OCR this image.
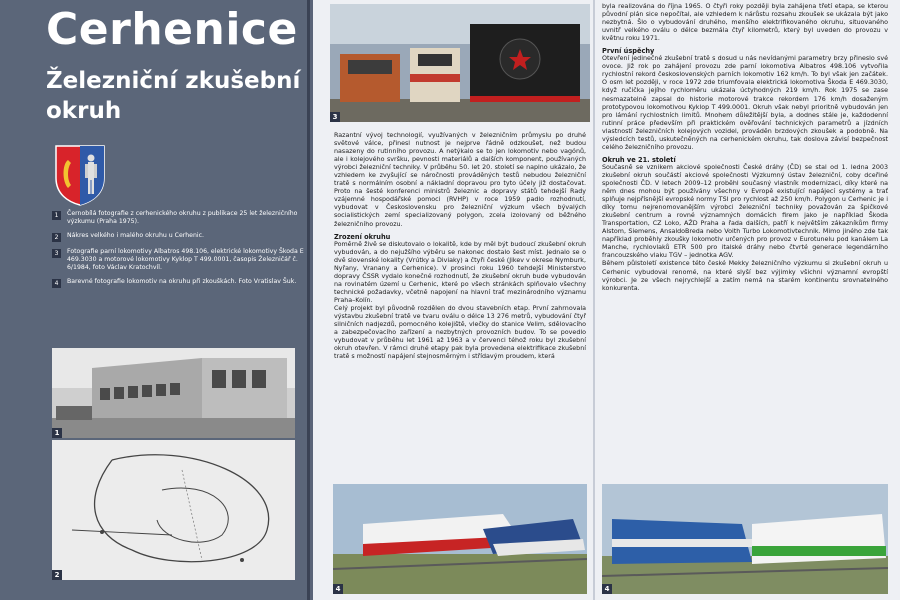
Cerhenice
Železniční zkušební okruh
1	Černobílá fotografie z cerhenického okruhu z publikace 25 let železničního výzkumu (Praha 1975).
2	Nákres velkého i malého okruhu u Cerhenic.
3	Fotografie parní lokomotivy Albatros 498.106, elektrické lokomotivy Škoda E 469.3030 a motorové lokomotivy Kyklop T 499.0001, časopis Železničář č. 6/1984, foto Václav Kratochvíl.
4	Barevné fotografie lokomotiv na okruhu při zkouškách. Foto Vratislav Šuk.
1
2
3

Razantní vývoj technologií, využívaných v železničním průmyslu po druhé světové válce, přinesl nutnost je nejprve řádně odzkoušet, než budou nasazeny do rutinního provozu. A netýkalo se to jen lokomotiv nebo vagónů, ale i kolejového svršku, pevnosti materiálů a dalších komponent, používaných výrobci železniční techniky. V průběhu 50. let 20. století se naplno ukázalo, že vzhledem ke zvyšující se náročnosti prováděných testů nebudou železniční tratě s normálním osobní a nákladní dopravou pro tyto účely již dostačovat. Proto na šesté konferenci ministrů železnic a dopravy států tehdejší Rady vzájemné hospodářské pomoci (RVHP) v roce 1959 padlo rozhodnutí, vybudovat v Československu pro železniční výzkum všech bývalých socialistických zemí specializovaný polygon, zcela izolovaný od běžného železničního provozu.

Zrození okruhu

Poměrně živě se diskutovalo o lokalitě, kde by měl být budoucí zkušební okruh vybudován, a do nejužšího výběru se nakonec dostalo šest míst. Jednalo se o dvě slovenské lokality (Vrútky a Diviaky) a čtyři české (Jikev v okrese Nymburk, Nyřany, Vranany a Cerhenice). V prosinci roku 1960 tehdejší Ministerstvo dopravy ČSSR vydalo konečné rozhodnutí, že zkušební okruh bude vybudován na rovinatém území u Cerhenic, které po všech stránkách splňovalo všechny technické požadavky, včetně napojení na hlavní trať mezinárodního významu Praha–Kolín.

Celý projekt byl původně rozdělen do dvou stavebních etap. První zahrnovala výstavbu zkušební tratě ve tvaru oválu o délce 13 276 metrů, vybudování čtyř silničních nadjezdů, pomocného kolejiště, vlečky do stanice Velim, sdělovacího a zabezpečovacího zařízení a nezbytných provozních budov. To se povedlo vybudovat v průběhu let 1961 až 1963 a v červenci téhož roku byl zkušební okruh otevřen. V rámci druhé etapy pak byla provedena elektrifikace zkušební tratě s možností napájení stejnosměrným i střídavým proudem, která

byla realizována do října 1965. O čtyři roky později byla zahájena třetí etapa, se kterou původní plán sice nepočítal, ale vzhledem k nárůstu rozsahu zkoušek se ukázala být jako nezbytná. Šlo o vybudování druhého, menšího elektrifikovaného okruhu, situovaného uvnitř velkého oválu o délce bezmála čtyř kilometrů, který byl uveden do provozu v květnu roku 1971.

První úspěchy

Otevření jedinečné zkušební tratě s dosud u nás nevídanými parametry brzy přineslo své ovoce. Již rok po zahájení provozu zde parní lokomotiva Albatros 498.106 vytvořila rychlostní rekord československých parních lokomotiv 162 km/h. To byl však jen začátek. O osm let později, v roce 1972 zde triumfovala elektrická lokomotiva Škoda E 469.3030, když ručička jejího rychloměru ukázala úctyhodných 219 km/h. Rok 1975 se zase nesmazatelně zapsal do historie motorové trakce rekordem 176 km/h dosaženým prototypovou lokomotivou Kyklop T 499.0001. Okruh však nebyl prioritně vybudován jen pro lámání rychlostních limitů. Mnohem důležitější byla, a dodnes stále je, každodenní rutinní práce především při praktickém ověřování technických parametrů a jízdních vlastností železničních kolejových vozidel, prováděn brzdových zkoušek a podobně. Na výsledcích testů, uskutečněných na cerhenickém okruhu, tak doslova závisí bezpečnost celého železničního provozu.

Okruh ve 21. století

Současně se vznikem akciové společnosti České dráhy (ČD) se stal od 1. ledna 2003 zkušební okruh součástí akciové společnosti Výzkumný ústav železniční, coby dceřiné společnosti ČD. V letech 2009–12 proběhl současný vlastník modernizaci, díky které na něm dnes mohou být používány všechny v Evropě existující napájecí systémy a trať splňuje nejpřísnější evropské normy TSI pro rychlost až 250 km/h. Polygon u Cerhenic je i díky tomu nejrenomovanějším výrobci železniční techniky považován za špičkové zkušební centrum a rovné významných domácích firem jako je například Škoda Transportation, CZ Loko, AŽD Praha a řada dalších, patří k největším zákazníkům firmy Alstom, Siemens, AnsaldoBreda nebo Voith Turbo Lokomotivtechnik. Mimo jiného zde tak například proběhly zkoušky lokomotiv určených pro provoz v Eurotunelu pod kanálem La Manche, rychlovlaků ETR 500 pro italské dráhy nebo čtvrté generace legendárního francouzského vlaku TGV – jednotka AGV.

Během půlstoletí existence této české Mekky železničního výzkumu si zkušební okruh u Cerhenic vybudoval renomé, na které slyší bez výjimky všichni významní evropští výrobci. Je ze všech nejrychlejší a zatím nemá na starém kontinentu srovnatelného konkurenta.

4	4
